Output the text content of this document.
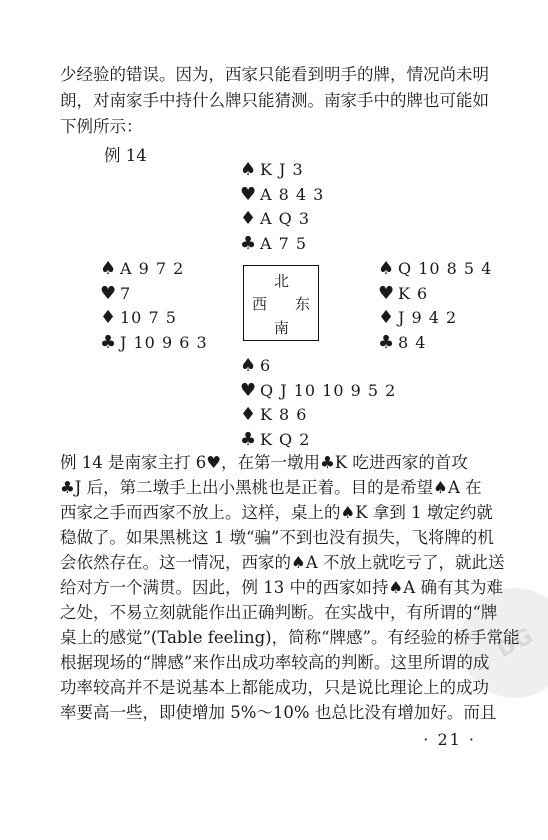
DG
少经验的错误。因为，西家只能看到明手的牌，情况尚未明
朗，对南家手中持什么牌只能猜测。南家手中的牌也可能如
下例所示：
例 14
♠ K J 3
♥ A 8 4 3
♦ A Q 3
♣ A 7 5
♠ A 9 7 2
♥ 7
♦ 10 7 5
♣ J 10 9 6 3
北
西 东
南
♠ Q 10 8 5 4
♥ K 6
♦ J 9 4 2
♣ 8 4
♠ 6
♥ Q J 10 10 9 5 2
♦ K 8 6
♣ K Q 2
例 14 是南家主打 6♥，在第一墩用♣K 吃进西家的首攻
♣J 后，第二墩手上出小黑桃也是正着。目的是希望♠A 在
西家之手而西家不放上。这样，桌上的♠K 拿到 1 墩定约就
稳做了。如果黑桃这 1 墩“骗”不到也没有损失，飞将牌的机
会依然存在。这一情况，西家的♠A 不放上就吃亏了，就此送
给对方一个满贯。因此，例 13 中的西家如持♠A 确有其为难
之处，不易立刻就能作出正确判断。在实战中，有所谓的“牌
桌上的感觉”(Table feeling)，简称“牌感”。有经验的桥手常能
根据现场的“牌感”来作出成功率较高的判断。这里所谓的成
功率较高并不是说基本上都能成功，只是说比理论上的成功
率要高一些，即使增加 5%～10% 也总比没有增加好。而且
· 21 ·
